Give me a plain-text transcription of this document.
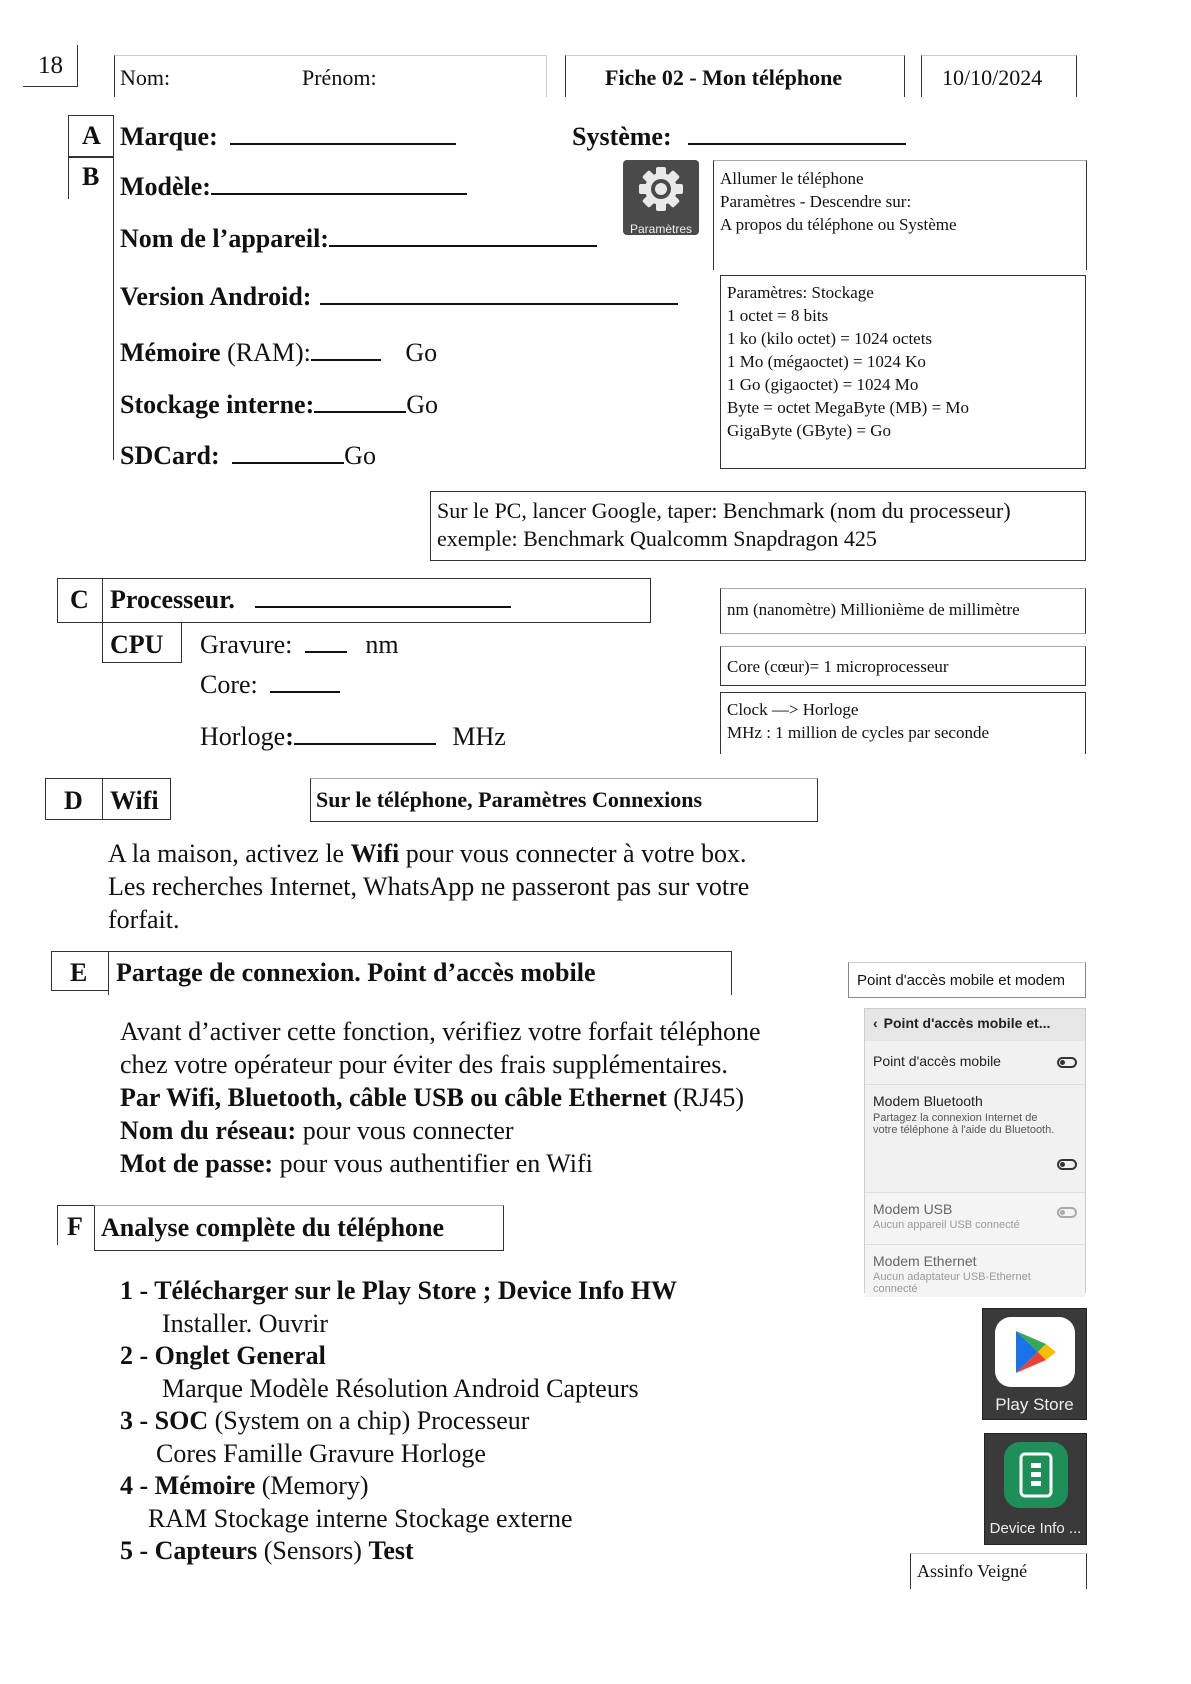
18	Nom:	Prénom:	Fiche 02 - Mon téléphone	10/10/2024
A
B
Marque:	Système:
Modèle:
Nom de l’appareil:
Version Android:
Mémoire (RAM):	Go
Stockage interne:	Go
SDCard:	Go
Paramètres
Allumer le téléphone
Paramètres - Descendre sur:
A propos du téléphone ou Système
Paramètres: Stockage
1 octet = 8 bits
1 ko (kilo octet) = 1024 octets
1 Mo (mégaoctet) = 1024 Ko
1 Go (gigaoctet) = 1024 Mo
Byte = octet MegaByte (MB) = Mo
GigaByte (GByte) = Go
Sur le PC, lancer Google, taper: Benchmark (nom du processeur)
exemple: Benchmark Qualcomm Snapdragon 425
C Processeur.
CPU Gravure:	nm
Core:
Horloge:	MHz
nm (nanomètre) Millionième de millimètre
Core (cœur)= 1 microprocesseur
Clock —> Horloge
MHz : 1 million de cycles par seconde
D Wifi	Sur le téléphone, Paramètres Connexions
A la maison, activez le Wifi pour vous connecter à votre box.
Les recherches Internet, WhatsApp ne passeront pas sur votre
forfait.
E Partage de connexion. Point d’accès mobile
Avant d’activer cette fonction, vérifiez votre forfait téléphone
chez votre opérateur pour éviter des frais supplémentaires.
Par Wifi, Bluetooth, câble USB ou câble Ethernet (RJ45)
Nom du réseau: pour vous connecter
Mot de passe: pour vous authentifier en Wifi
Point d'accès mobile et modem
‹ Point d'accès mobile et...
Point d'accès mobile
Modem Bluetooth
Partagez la connexion Internet de
votre téléphone à l'aide du Bluetooth.
Modem USB
Aucun appareil USB connecté
Modem Ethernet
Aucun adaptateur USB-Ethernet
connecté
F Analyse complète du téléphone
1 - Télécharger sur le Play Store ; Device Info HW
Installer. Ouvrir
2 - Onglet General
Marque Modèle Résolution Android Capteurs
3 - SOC (System on a chip) Processeur
Cores Famille Gravure Horloge
4 - Mémoire (Memory)
RAM Stockage interne Stockage externe
5 - Capteurs (Sensors) Test
Play Store
Device Info ...
Assinfo Veigné
